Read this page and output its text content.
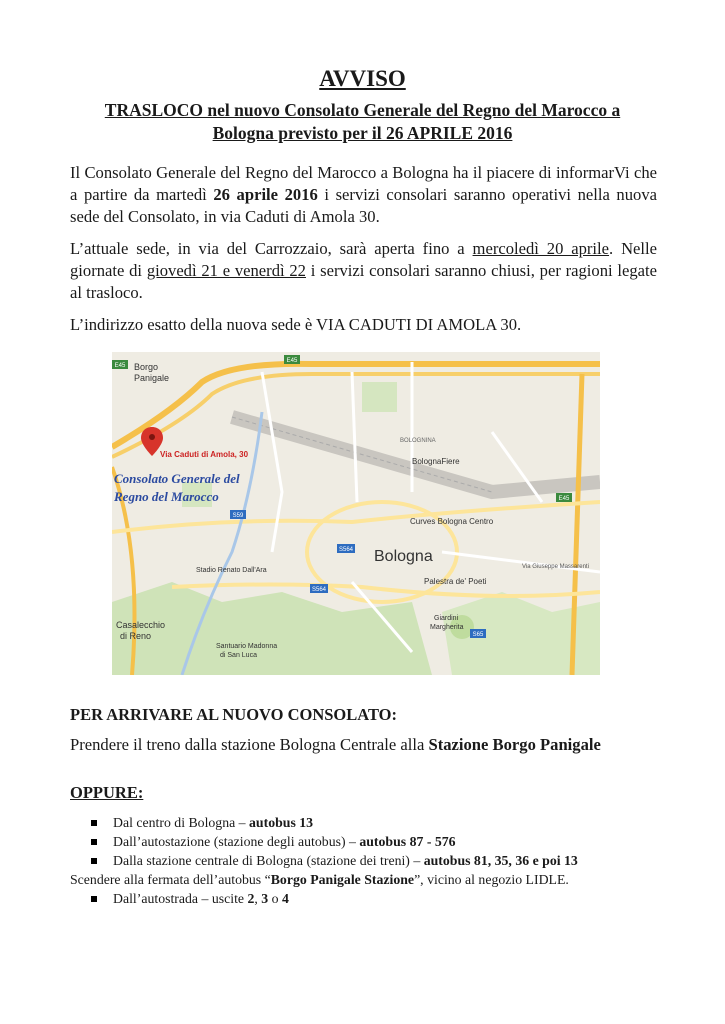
AVVISO
TRASLOCO nel nuovo Consolato Generale del Regno del Marocco a
Bologna previsto per il 26 APRILE 2016

Il Consolato Generale del Regno del Marocco a Bologna ha il piacere di informarVi che a partire da martedì 26 aprile 2016 i servizi consolari saranno operativi nella nuova sede del Consolato, in via Caduti di Amola 30.

L’attuale sede, in via del Carrozzaio, sarà aperta fino a mercoledì 20 aprile. Nelle giornate di giovedì 21 e venerdì 22 i servizi consolari saranno chiusi, per ragioni legate al trasloco.

L’indirizzo esatto della nuova sede è VIA CADUTI DI AMOLA 30.

E45
E45
E45
S59
S564
S564
S65
Borgo
Panigale
BOLOGNINA
BolognaFiere
Curves Bologna Centro
Bologna
Stadio Renato Dall'Ara
Palestra de' Poeti
Giardini
Margherita
Via Giuseppe Massarenti
Casalecchio
di Reno
Santuario Madonna
di San Luca
Via Caduti di Amola, 30
Consolato Generale del
Regno del Marocco
PER ARRIVARE AL NUOVO CONSOLATO:
Prendere il treno dalla stazione Bologna Centrale alla Stazione Borgo Panigale
OPPURE:
Dal centro di Bologna – autobus 13
Dall’autostazione (stazione degli autobus) – autobus 87 - 576
Dalla stazione centrale di Bologna (stazione dei treni) – autobus 81, 35, 36 e poi 13
Dall’autostrada – uscite 2, 3 o 4
Scendere alla fermata dell’autobus “Borgo Panigale Stazione”, vicino al negozio LIDLE.
